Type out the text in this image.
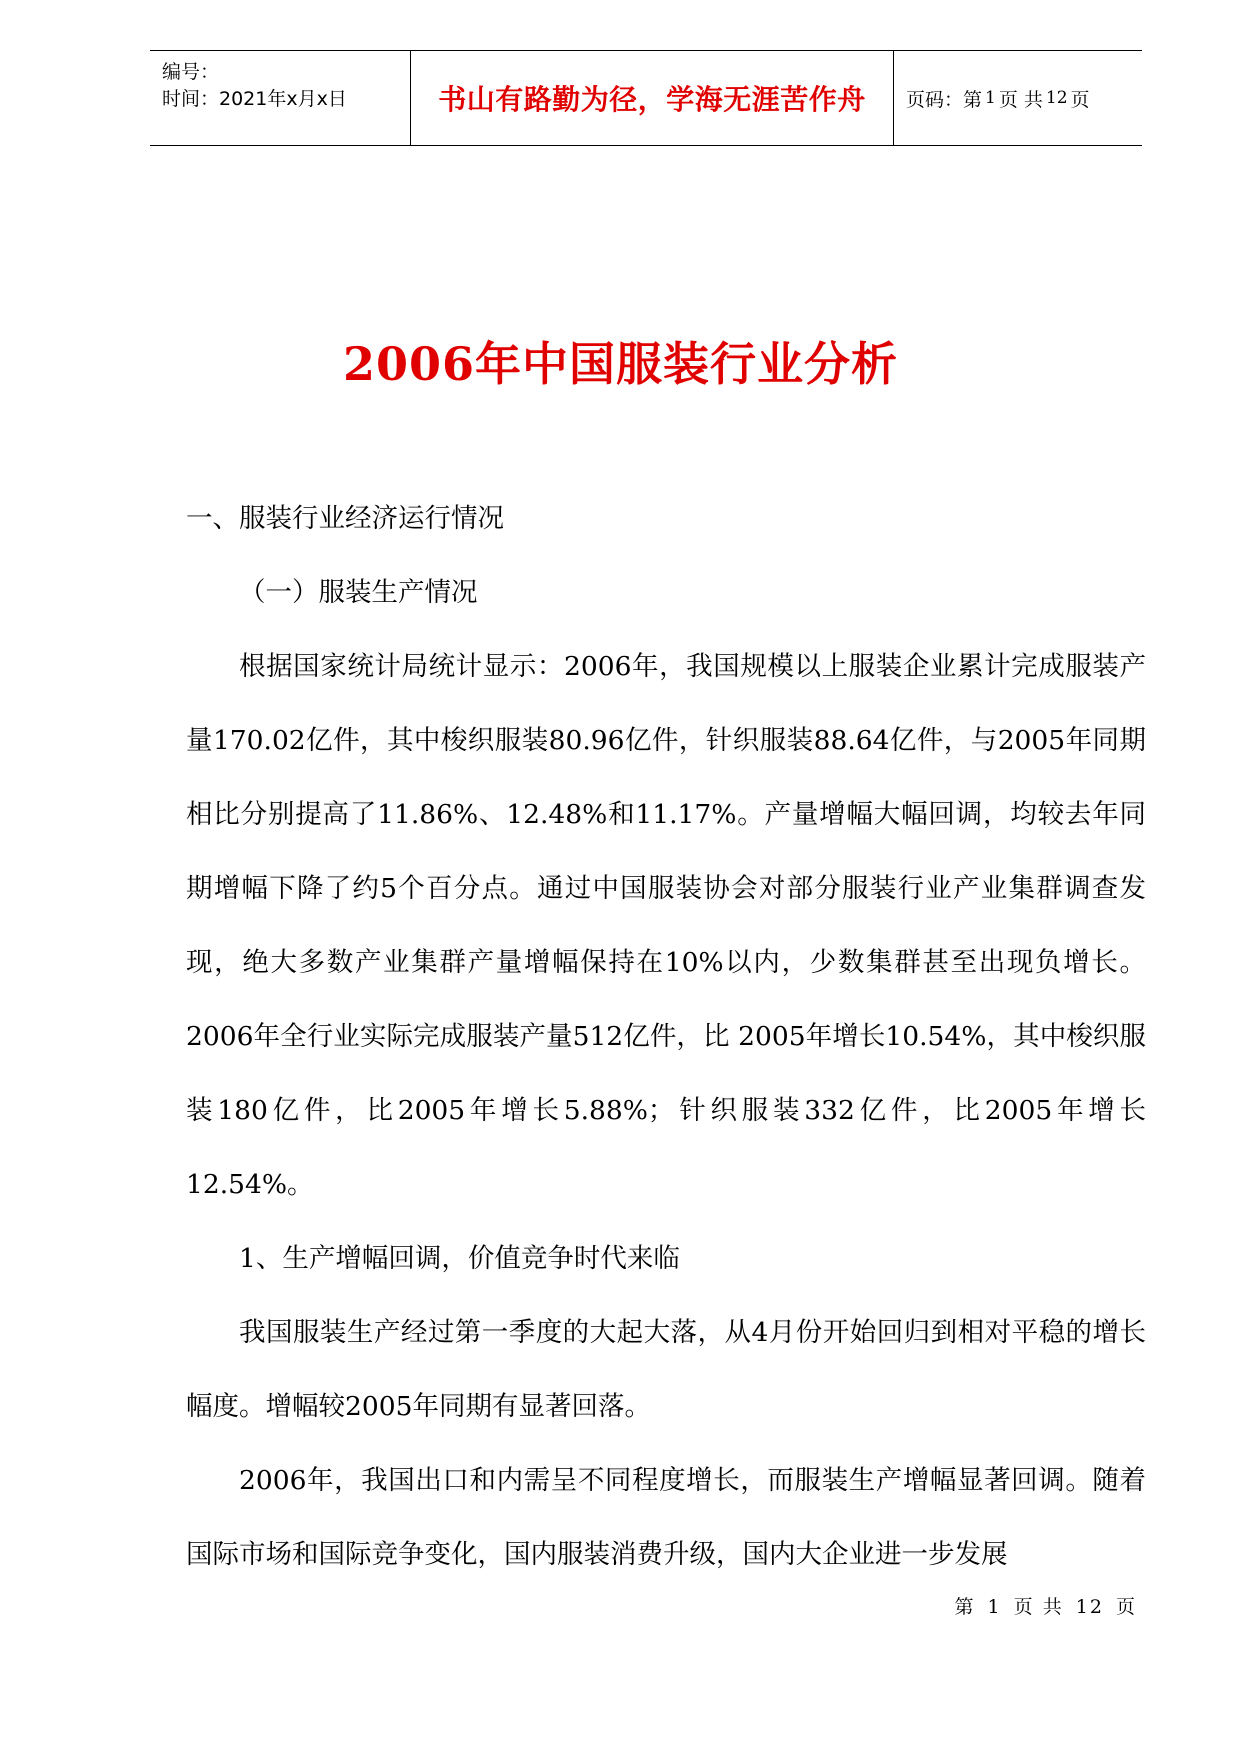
编号：
时间：2021年x月x日	书山有路勤为径，学海无涯苦作舟 页码：第 1 页 共 12 页
2006年中国服装行业分析

一、服装行业经济运行情况

（一）服装生产情况

根据国家统计局统计显示：2006年，我国规模以上服装企业累计完成服装产量170.02亿件，其中梭织服装80.96亿件，针织服装88.64亿件，与2005年同期相比分别提高了11.86%、12.48%和11.17%。产量增幅大幅回调，均较去年同期增幅下降了约5个百分点。通过中国服装协会对部分服装行业产业集群调查发现，绝大多数产业集群产量增幅保持在10%以内，少数集群甚至出现负增长。2006年全行业实际完成服装产量512亿件，比 2005年增长10.54%，其中梭织服装180亿件，比2005年增长5.88%；针织服装332亿件，比2005年增长12.54%。

1、生产增幅回调，价值竞争时代来临

我国服装生产经过第一季度的大起大落，从4月份开始回归到相对平稳的增长幅度。增幅较2005年同期有显著回落。

2006年，我国出口和内需呈不同程度增长，而服装生产增幅显著回调。随着国际市场和国际竞争变化，国内服装消费升级，国内大企业进一步发展

第 1 页 共 12 页
